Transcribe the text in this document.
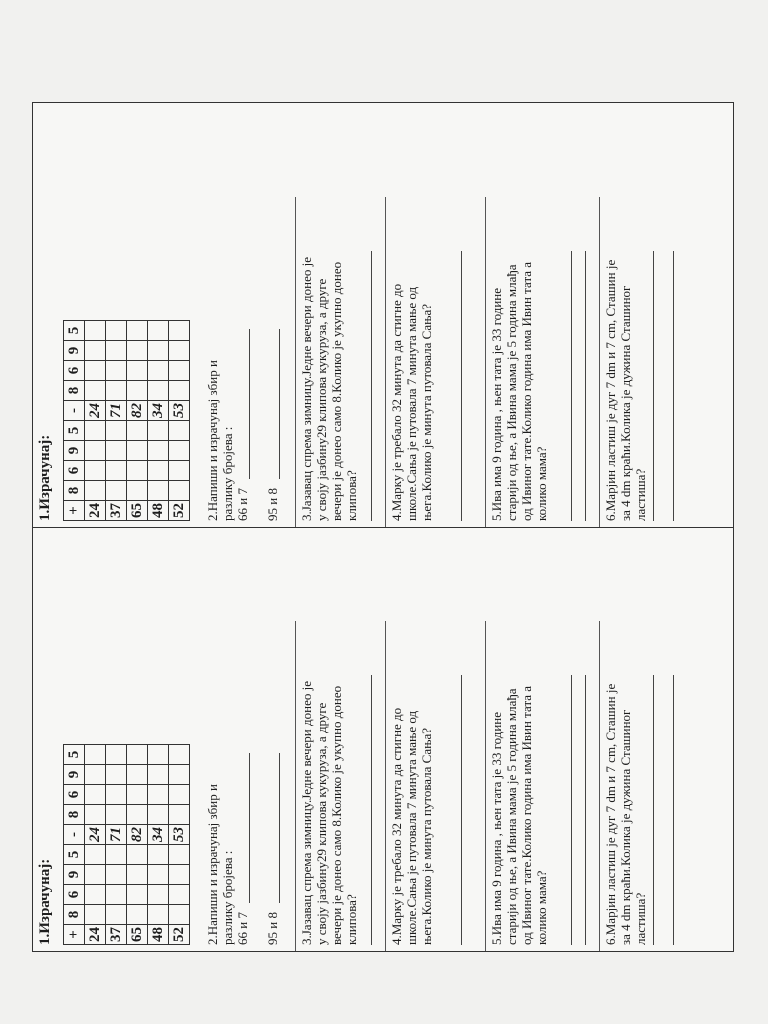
1.Израчунај: +	8	6	9	5	-	8	6	9	5
24					24				
37					71				
65					82				
48					34				
52					53				2.Напиши и израчунај збир и разлику бројева : 66 и 7 95 и 8 3.Јазавац спрема зимницу.Једне вечери донео је у своју јазбину29 клипова кукуруза, а друге вечери је донео само 8.Колико је укупно донео клипова? 4.Марку је требало 32 минута да стигне до школе.Сања је путовала 7 минута мање од њега.Колико је минута путовала Сања?	5.Ива има 9 година , њен тата је 33 године старији од ње, а Ивина мама је 5 година млађа од Ивиног тате.Колико година има Ивин тата а колико мама?	6.Марјин ластиш је дуг 7 dm и 7 cm, Сташин је за 4 dm краћи.Колика је дужина Сташиног ластиша?
1.Израчунај: +	8	6	9	5	-	8	6	9	5
24					24				
37					71				
65					82				
48					34				
52					53				2.Напиши и израчунај збир и разлику бројева : 66 и 7 95 и 8 3.Јазавац спрема зимницу.Једне вечери донео је у своју јазбину29 клипова кукуруза, а друге вечери је донео само 8.Колико је укупно донео клипова? 4.Марку је требало 32 минута да стигне до школе.Сања је путовала 7 минута мање од њега.Колико је минута путовала Сања?	5.Ива има 9 година , њен тата је 33 године старији од ње, а Ивина мама је 5 година млађа од Ивиног тате.Колико година има Ивин тата а колико мама?	6.Марјин ластиш је дуг 7 dm и 7 cm, Сташин је за 4 dm краћи.Колика је дужина Сташиног ластиша?
